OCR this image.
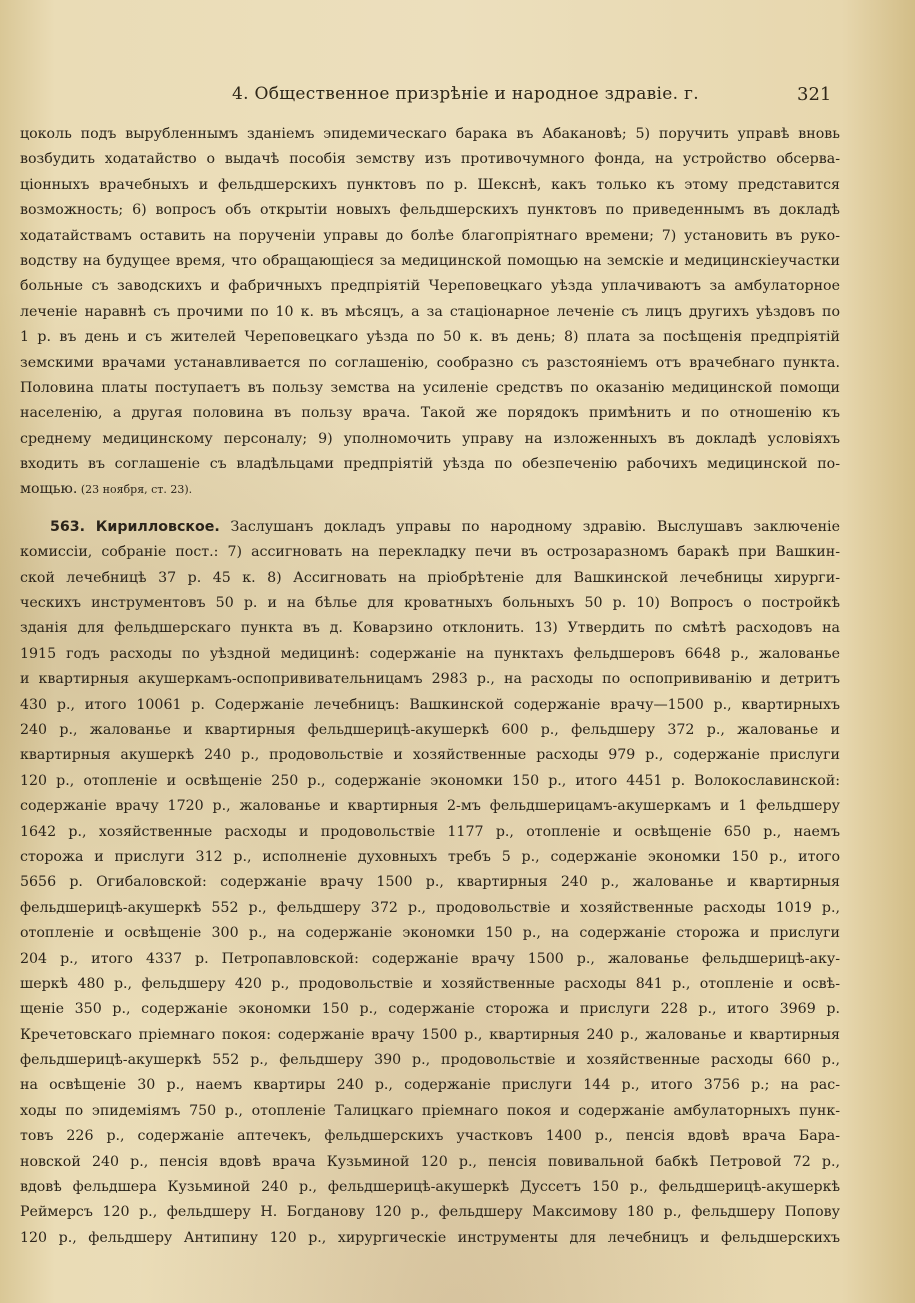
4. Общественное призрѣніе и народное здравіе. г.	321
цоколь подъ вырубленнымъ зданіемъ эпидемическаго барака въ Абакановѣ; 5) поручить управѣ вновь
возбудить ходатайство о выдачѣ пособія земству изъ противочумного фонда, на устройство обсерва-
ціонныхъ врачебныхъ и фельдшерскихъ пунктовъ по р. Шекснѣ, какъ только къ этому представится
возможность; 6) вопросъ объ открытіи новыхъ фельдшерскихъ пунктовъ по приведеннымъ въ докладѣ
ходатайствамъ оставить на порученіи управы до болѣе благопріятнаго времени; 7) установить въ руко-
водству на будущее время, что обращающіеся за медицинской помощью на земскіе и медицинскіеучастки
больные съ заводскихъ и фабричныхъ предпріятій Череповецкаго уѣзда уплачиваютъ за амбулаторное
леченіе наравнѣ съ прочими по 10 к. въ мѣсяцъ, а за стаціонарное леченіе съ лицъ другихъ уѣздовъ по
1 р. въ день и съ жителей Череповецкаго уѣзда по 50 к. въ день; 8) плата за посѣщенія предпріятій
земскими врачами устанавливается по соглашенію, сообразно съ разстояніемъ отъ врачебнаго пункта.
Половина платы поступаетъ въ пользу земства на усиленіе средствъ по оказанію медицинской помощи
населенію, а другая половина въ пользу врача. Такой же порядокъ примѣнить и по отношенію къ
среднему медицинскому персоналу; 9) уполномочить управу на изложенныхъ въ докладѣ условіяхъ
входить въ соглашеніе съ владѣльцами предпріятій уѣзда по обезпеченію рабочихъ медицинской по-
мощью. (23 ноября, ст. 23).
563. Кирилловское. Заслушанъ докладъ управы по народному здравію. Выслушавъ заключеніе
комиссіи, собраніе пост.: 7) ассигновать на перекладку печи въ острозаразномъ баракѣ при Вашкин-
ской лечебницѣ 37 р. 45 к. 8) Ассигновать на пріобрѣтеніе для Вашкинской лечебницы хирурги-
ческихъ инструментовъ 50 р. и на бѣлье для кроватныхъ больныхъ 50 р. 10) Вопросъ о постройкѣ
зданія для фельдшерскаго пункта въ д. Коварзино отклонить. 13) Утвердить по смѣтѣ расходовъ на
1915 годъ расходы по уѣздной медицинѣ: содержаніе на пунктахъ фельдшеровъ 6648 р., жалованье
и квартирныя акушеркамъ-оспопрививательницамъ 2983 р., на расходы по оспопрививанію и детритъ
430 р., итого 10061 р. Содержаніе лечебницъ: Вашкинской содержаніе врачу—1500 р., квартирныхъ
240 р., жалованье и квартирныя фельдшерицѣ-акушеркѣ 600 р., фельдшеру 372 р., жалованье и
квартирныя акушеркѣ 240 р., продовольствіе и хозяйственные расходы 979 р., содержаніе прислуги
120 р., отопленіе и освѣщеніе 250 р., содержаніе экономки 150 р., итого 4451 р. Волокославинской:
содержаніе врачу 1720 р., жалованье и квартирныя 2-мъ фельдшерицамъ-акушеркамъ и 1 фельдшеру
1642 р., хозяйственные расходы и продовольствіе 1177 р., отопленіе и освѣщеніе 650 р., наемъ
сторожа и прислуги 312 р., исполненіе духовныхъ требъ 5 р., содержаніе экономки 150 р., итого
5656 р. Огибаловской: содержаніе врачу 1500 р., квартирныя 240 р., жалованье и квартирныя
фельдшерицѣ-акушеркѣ 552 р., фельдшеру 372 р., продовольствіе и хозяйственные расходы 1019 р.,
отопленіе и освѣщеніе 300 р., на содержаніе экономки 150 р., на содержаніе сторожа и прислуги
204 р., итого 4337 р. Петропавловской: содержаніе врачу 1500 р., жалованье фельдшерицѣ-аку-
шеркѣ 480 р., фельдшеру 420 р., продовольствіе и хозяйственные расходы 841 р., отопленіе и освѣ-
щеніе 350 р., содержаніе экономки 150 р., содержаніе сторожа и прислуги 228 р., итого 3969 р.
Кречетовскаго пріемнаго покоя: содержаніе врачу 1500 р., квартирныя 240 р., жалованье и квартирныя
фельдшерицѣ-акушеркѣ 552 р., фельдшеру 390 р., продовольствіе и хозяйственные расходы 660 р.,
на освѣщеніе 30 р., наемъ квартиры 240 р., содержаніе прислуги 144 р., итого 3756 р.; на рас-
ходы по эпидеміямъ 750 р., отопленіе Талицкаго пріемнаго покоя и содержаніе амбулаторныхъ пунк-
товъ 226 р., содержаніе аптечекъ, фельдшерскихъ участковъ 1400 р., пенсія вдовѣ врача Бара-
новской 240 р., пенсія вдовѣ врача Кузьминой 120 р., пенсія повивальной бабкѣ Петровой 72 р.,
вдовѣ фельдшера Кузьминой 240 р., фельдшерицѣ-акушеркѣ Дуссетъ 150 р., фельдшерицѣ-акушеркѣ
Реймерсъ 120 р., фельдшеру Н. Богданову 120 р., фельдшеру Максимову 180 р., фельдшеру Попову
120 р., фельдшеру Антипину 120 р., хирургическіе инструменты для лечебницъ и фельдшерскихъ
